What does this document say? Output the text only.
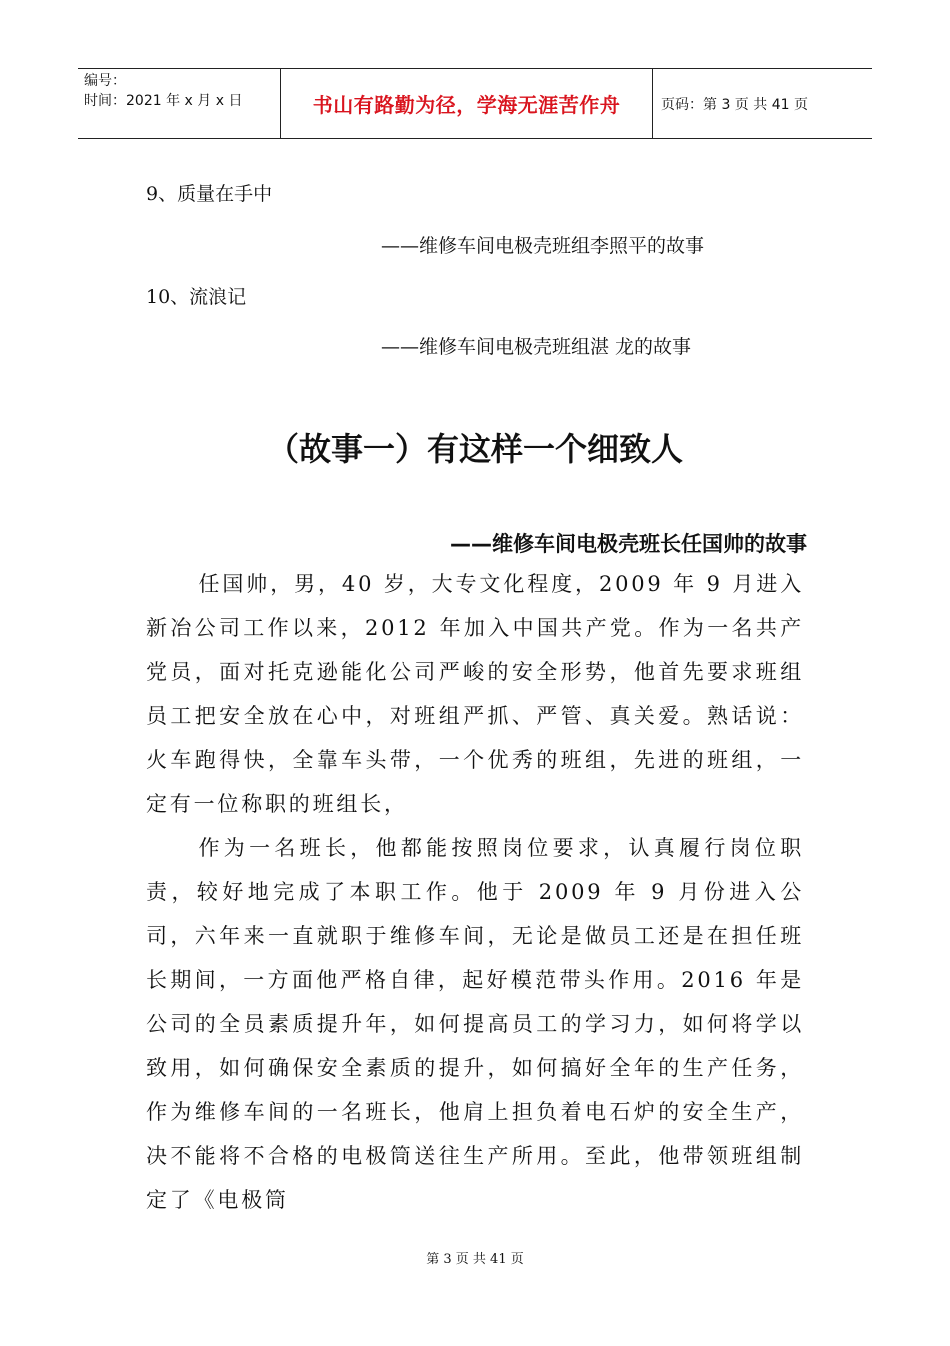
编号：
时间：2021 年 x 月 x 日	书山有路勤为径，学海无涯苦作舟	页码：第 3 页 共 41 页
9、质量在手中
——维修车间电极壳班组李照平的故事
10、流浪记
——维修车间电极壳班组湛 龙的故事
（故事一）有这样一个细致人
——维修车间电极壳班长任国帅的故事

任国帅，男，40 岁，大专文化程度，2009 年 9 月进入新冶公司工作以来，2012 年加入中国共产党。作为一名共产党员，面对托克逊能化公司严峻的安全形势，他首先要求班组员工把安全放在心中，对班组严抓、严管、真关爱。熟话说：火车跑得快，全靠车头带，一个优秀的班组，先进的班组，一定有一位称职的班组长，

作为一名班长，他都能按照岗位要求，认真履行岗位职责，较好地完成了本职工作。他于 2009 年 9 月份进入公司，六年来一直就职于维修车间，无论是做员工还是在担任班长期间，一方面他严格自律，起好模范带头作用。2016 年是公司的全员素质提升年，如何提高员工的学习力，如何将学以致用，如何确保安全素质的提升，如何搞好全年的生产任务，作为维修车间的一名班长，他肩上担负着电石炉的安全生产，决不能将不合格的电极筒送往生产所用。至此，他带领班组制定了《电极筒

第 3 页 共 41 页
